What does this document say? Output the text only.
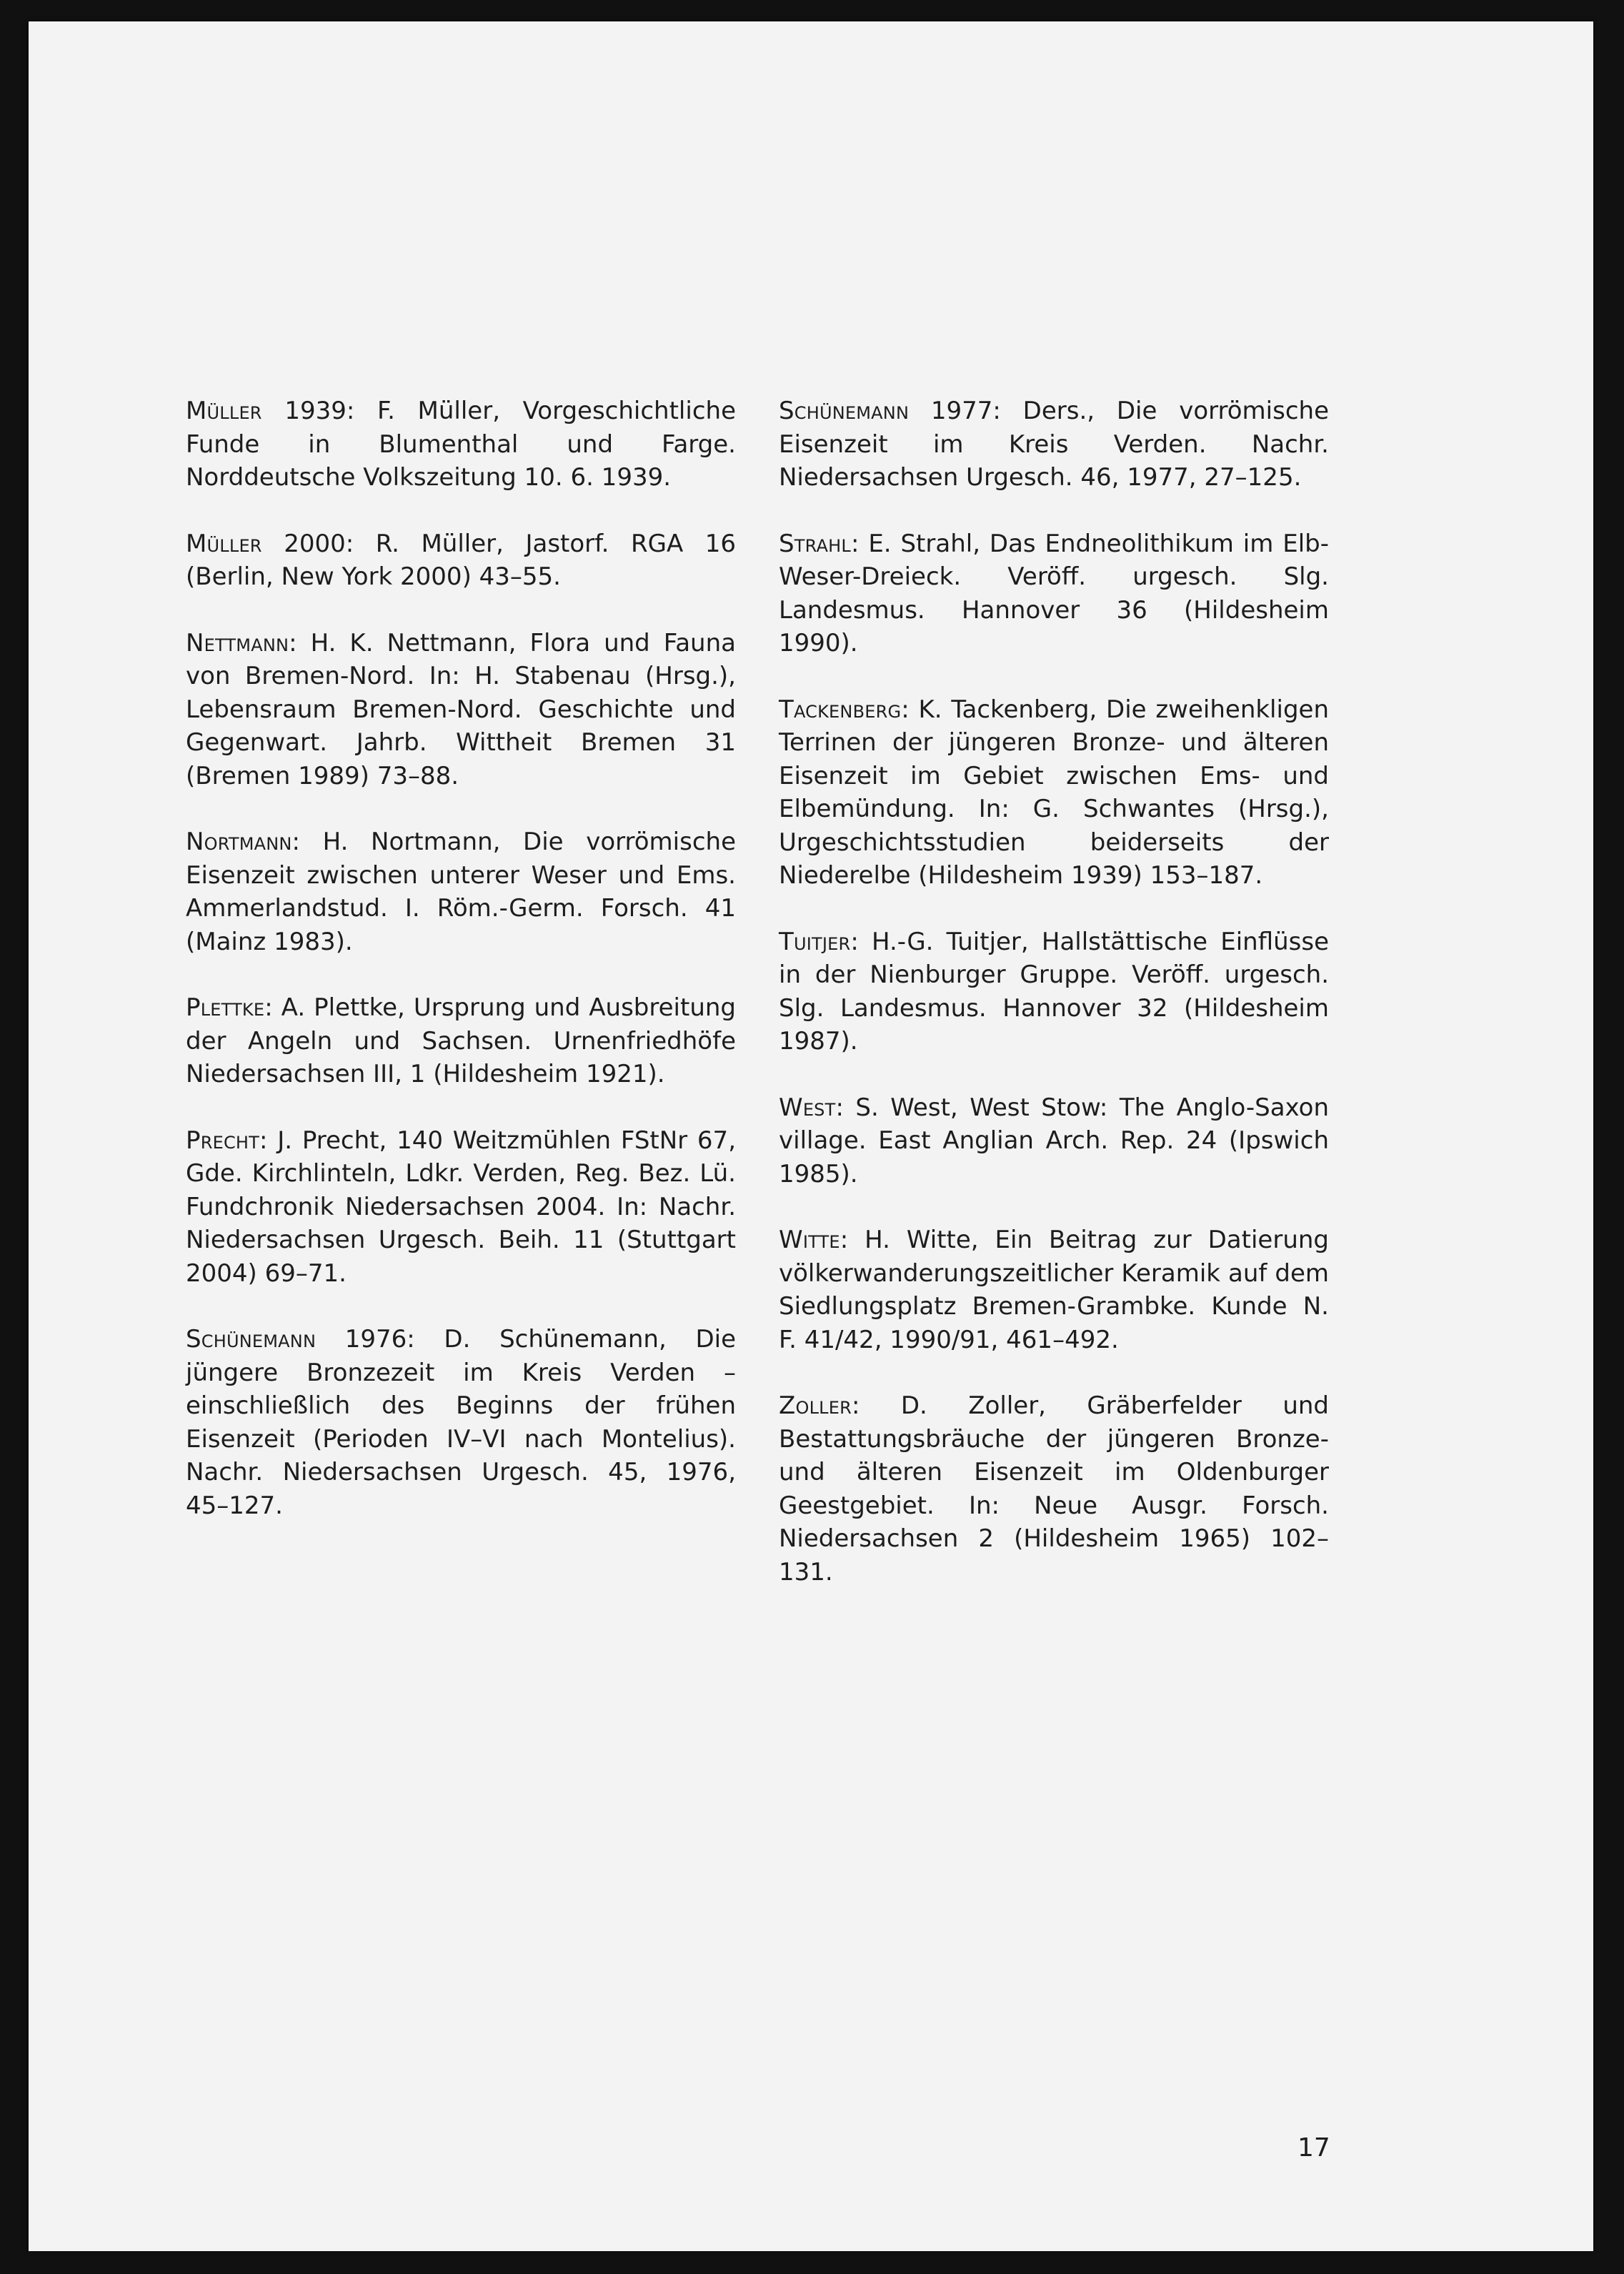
Müller 1939: F. Müller, Vorgeschichtliche Funde in Blumenthal und Farge. Norddeutsche Volkszeitung 10. 6. 1939.

Müller 2000: R. Müller, Jastorf. RGA 16 (Berlin, New York 2000) 43–55.

Nettmann: H. K. Nettmann, Flora und Fauna von Bremen-Nord. In: H. Stabenau (Hrsg.), Lebensraum Bremen-Nord. Geschichte und Gegenwart. Jahrb. Wittheit Bremen 31 (Bremen 1989) 73–88.

Nortmann: H. Nortmann, Die vorrömische Eisenzeit zwischen unterer Weser und Ems. Ammerlandstud. I. Röm.-Germ. Forsch. 41 (Mainz 1983).

Plettke: A. Plettke, Ursprung und Ausbreitung der Angeln und Sachsen. Urnenfriedhöfe Niedersachsen III, 1 (Hildesheim 1921).

Precht: J. Precht, 140 Weitzmühlen FStNr 67, Gde. Kirchlinteln, Ldkr. Verden, Reg. Bez. Lü. Fundchronik Niedersachsen 2004. In: Nachr. Niedersachsen Urgesch. Beih. 11 (Stuttgart 2004) 69–71.

Schünemann 1976: D. Schünemann, Die jüngere Bronzezeit im Kreis Verden – einschließlich des Beginns der frühen Eisenzeit (Perioden IV–VI nach Montelius). Nachr. Niedersachsen Urgesch. 45, 1976, 45–127.

Schünemann 1977: Ders., Die vorrömische Eisenzeit im Kreis Verden. Nachr. Niedersachsen Urgesch. 46, 1977, 27–125.

Strahl: E. Strahl, Das Endneolithikum im Elb-Weser-Dreieck. Veröff. urgesch. Slg. Landesmus. Hannover 36 (Hildesheim 1990).

Tackenberg: K. Tackenberg, Die zweihenkligen Terrinen der jüngeren Bronze- und älteren Eisenzeit im Gebiet zwischen Ems- und Elbemündung. In: G. Schwantes (Hrsg.), Urgeschichtsstudien beiderseits der Niederelbe (Hildesheim 1939) 153–187.

Tuitjer: H.-G. Tuitjer, Hallstättische Einflüsse in der Nienburger Gruppe. Veröff. urgesch. Slg. Landesmus. Hannover 32 (Hildesheim 1987).

West: S. West, West Stow: The Anglo-Saxon village. East Anglian Arch. Rep. 24 (Ipswich 1985).

Witte: H. Witte, Ein Beitrag zur Datierung völkerwanderungszeitlicher Keramik auf dem Siedlungsplatz Bremen-Grambke. Kunde N. F. 41/42, 1990/91, 461–492.

Zoller: D. Zoller, Gräberfelder und Bestattungsbräuche der jüngeren Bronze- und älteren Eisenzeit im Oldenburger Geestgebiet. In: Neue Ausgr. Forsch. Niedersachsen 2 (Hildesheim 1965) 102–131.

17
